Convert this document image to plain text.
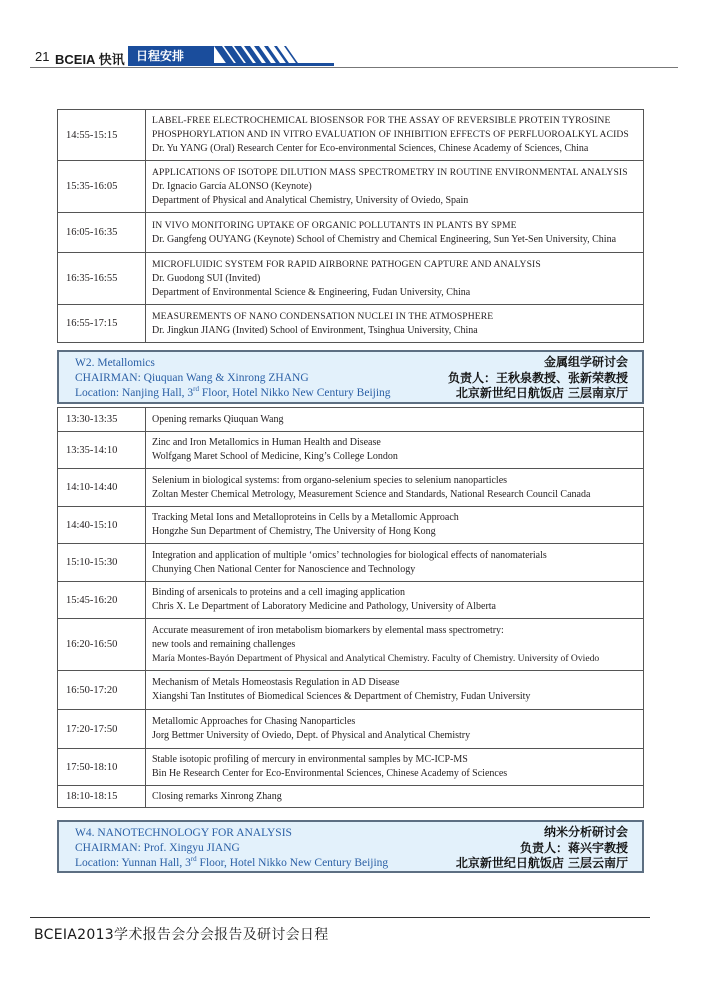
21 BCEIA 快讯 日程安排
14:55-15:15
LABEL-FREE ELECTROCHEMICAL BIOSENSOR FOR THE ASSAY OF REVERSIBLE PROTEIN TYROSINE
PHOSPHORYLATION AND IN VITRO EVALUATION OF INHIBITION EFFECTS OF PERFLUOROALKYL ACIDS
Dr. Yu YANG (Oral) Research Center for Eco-environmental Sciences, Chinese Academy of Sciences, China
15:35-16:05
APPLICATIONS OF ISOTOPE DILUTION MASS SPECTROMETRY IN ROUTINE ENVIRONMENTAL ANALYSIS
Dr. Ignacio García ALONSO (Keynote)
Department of Physical and Analytical Chemistry, University of Oviedo, Spain
16:05-16:35
IN VIVO MONITORING UPTAKE OF ORGANIC POLLUTANTS IN PLANTS BY SPME
Dr. Gangfeng OUYANG (Keynote) School of Chemistry and Chemical Engineering, Sun Yet-Sen University, China
16:35-16:55
MICROFLUIDIC SYSTEM FOR RAPID AIRBORNE PATHOGEN CAPTURE AND ANALYSIS
Dr. Guodong SUI (Invited)
Department of Environmental Science & Engineering, Fudan University, China
16:55-17:15
MEASUREMENTS OF NANO CONDENSATION NUCLEI IN THE ATMOSPHERE
Dr. Jingkun JIANG (Invited) School of Environment, Tsinghua University, China
W2. Metallomics
CHAIRMAN: Qiuquan Wang & Xinrong ZHANG
Location: Nanjing Hall, 3rd Floor, Hotel Nikko New Century Beijing
金属组学研讨会
负责人：王秋泉教授、张新荣教授
北京新世纪日航饭店 三层南京厅
13:30-13:35	Opening remarks Qiuquan Wang
13:35-14:10
Zinc and Iron Metallomics in Human Health and Disease
Wolfgang Maret School of Medicine, King’s College London
14:10-14:40
Selenium in biological systems: from organo-selenium species to selenium nanoparticles
Zoltan Mester Chemical Metrology, Measurement Science and Standards, National Research Council Canada
14:40-15:10
Tracking Metal Ions and Metalloproteins in Cells by a Metallomic Approach
Hongzhe Sun Department of Chemistry, The University of Hong Kong
15:10-15:30
Integration and application of multiple ‘omics’ technologies for biological effects of nanomaterials
Chunying Chen National Center for Nanoscience and Technology
15:45-16:20
Binding of arsenicals to proteins and a cell imaging application
Chris X. Le Department of Laboratory Medicine and Pathology, University of Alberta
16:20-16:50
Accurate measurement of iron metabolism biomarkers by elemental mass spectrometry:
new tools and remaining challenges
María Montes-Bayón Department of Physical and Analytical Chemistry. Faculty of Chemistry. University of Oviedo
16:50-17:20
Mechanism of Metals Homeostasis Regulation in AD Disease
Xiangshi Tan Institutes of Biomedical Sciences & Department of Chemistry, Fudan University
17:20-17:50
Metallomic Approaches for Chasing Nanoparticles
Jorg Bettmer University of Oviedo, Dept. of Physical and Analytical Chemistry
17:50-18:10
Stable isotopic profiling of mercury in environmental samples by MC-ICP-MS
Bin He Research Center for Eco-Environmental Sciences, Chinese Academy of Sciences
18:10-18:15	Closing remarks Xinrong Zhang
W4. NANOTECHNOLOGY FOR ANALYSIS
CHAIRMAN: Prof. Xingyu JIANG
Location: Yunnan Hall, 3rd Floor, Hotel Nikko New Century Beijing
纳米分析研讨会
负责人：蒋兴宇教授
北京新世纪日航饭店 三层云南厅
BCEIA2013学术报告会分会报告及研讨会日程
